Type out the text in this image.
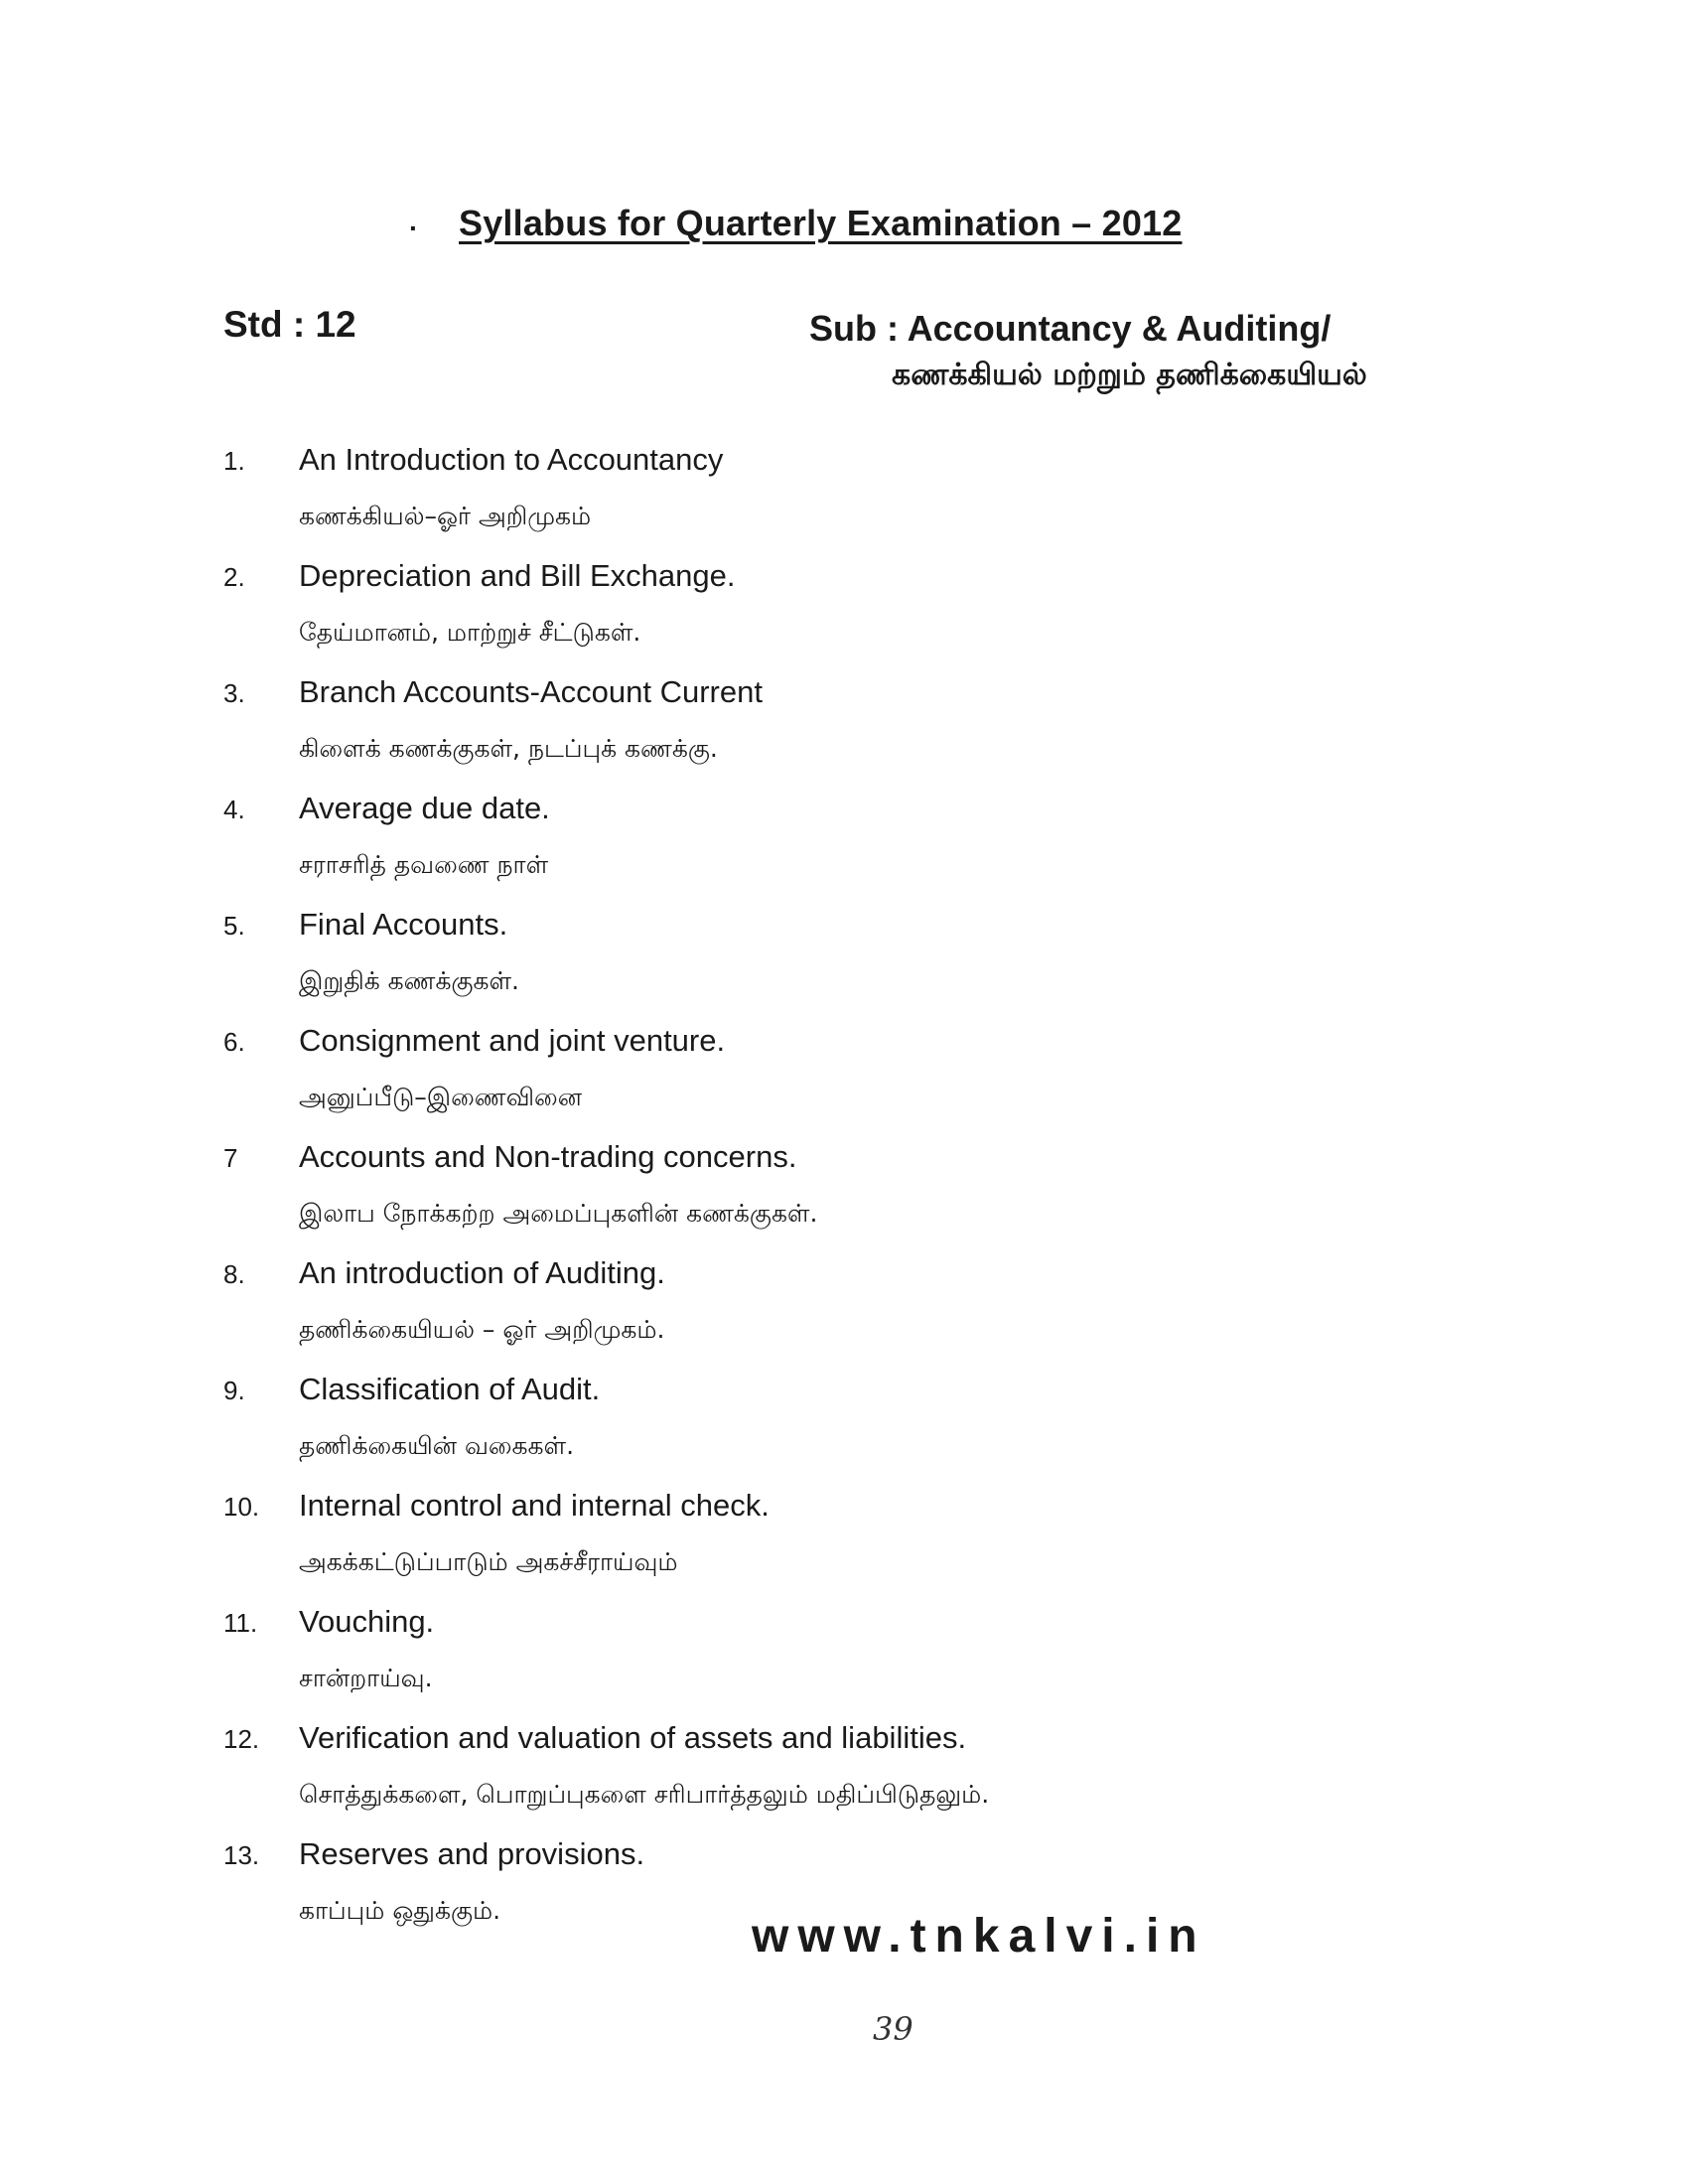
· Syllabus for Quarterly Examination – 2012
Std : 12	Sub : Accountancy & Auditing/
கணக்கியல் மற்றும் தணிக்கையியல்
1. An Introduction to Accountancy
கணக்கியல்–ஓர் அறிமுகம்
2. Depreciation and Bill Exchange.
தேய்மானம், மாற்றுச் சீட்டுகள்.
3. Branch Accounts-Account Current
கிளைக் கணக்குகள், நடப்புக் கணக்கு.
4. Average due date.
சராசரித் தவணை நாள்
5. Final Accounts.
இறுதிக் கணக்குகள்.
6. Consignment and joint venture.
அனுப்பீடு–இணைவினை
7 Accounts and Non-trading concerns.
இலாப நோக்கற்ற அமைப்புகளின் கணக்குகள்.
8. An introduction of Auditing.
தணிக்கையியல் – ஓர் அறிமுகம்.
9. Classification of Audit.
தணிக்கையின் வகைகள்.
10. Internal control and internal check.
அகக்கட்டுப்பாடும் அகச்சீராய்வும்
11. Vouching.
சான்றாய்வு.
12. Verification and valuation of assets and liabilities.
சொத்துக்களை, பொறுப்புகளை சரிபார்த்தலும் மதிப்பிடுதலும்.
13. Reserves and provisions.
காப்பும் ஒதுக்கும்.	www.tnkalvi.in
39
